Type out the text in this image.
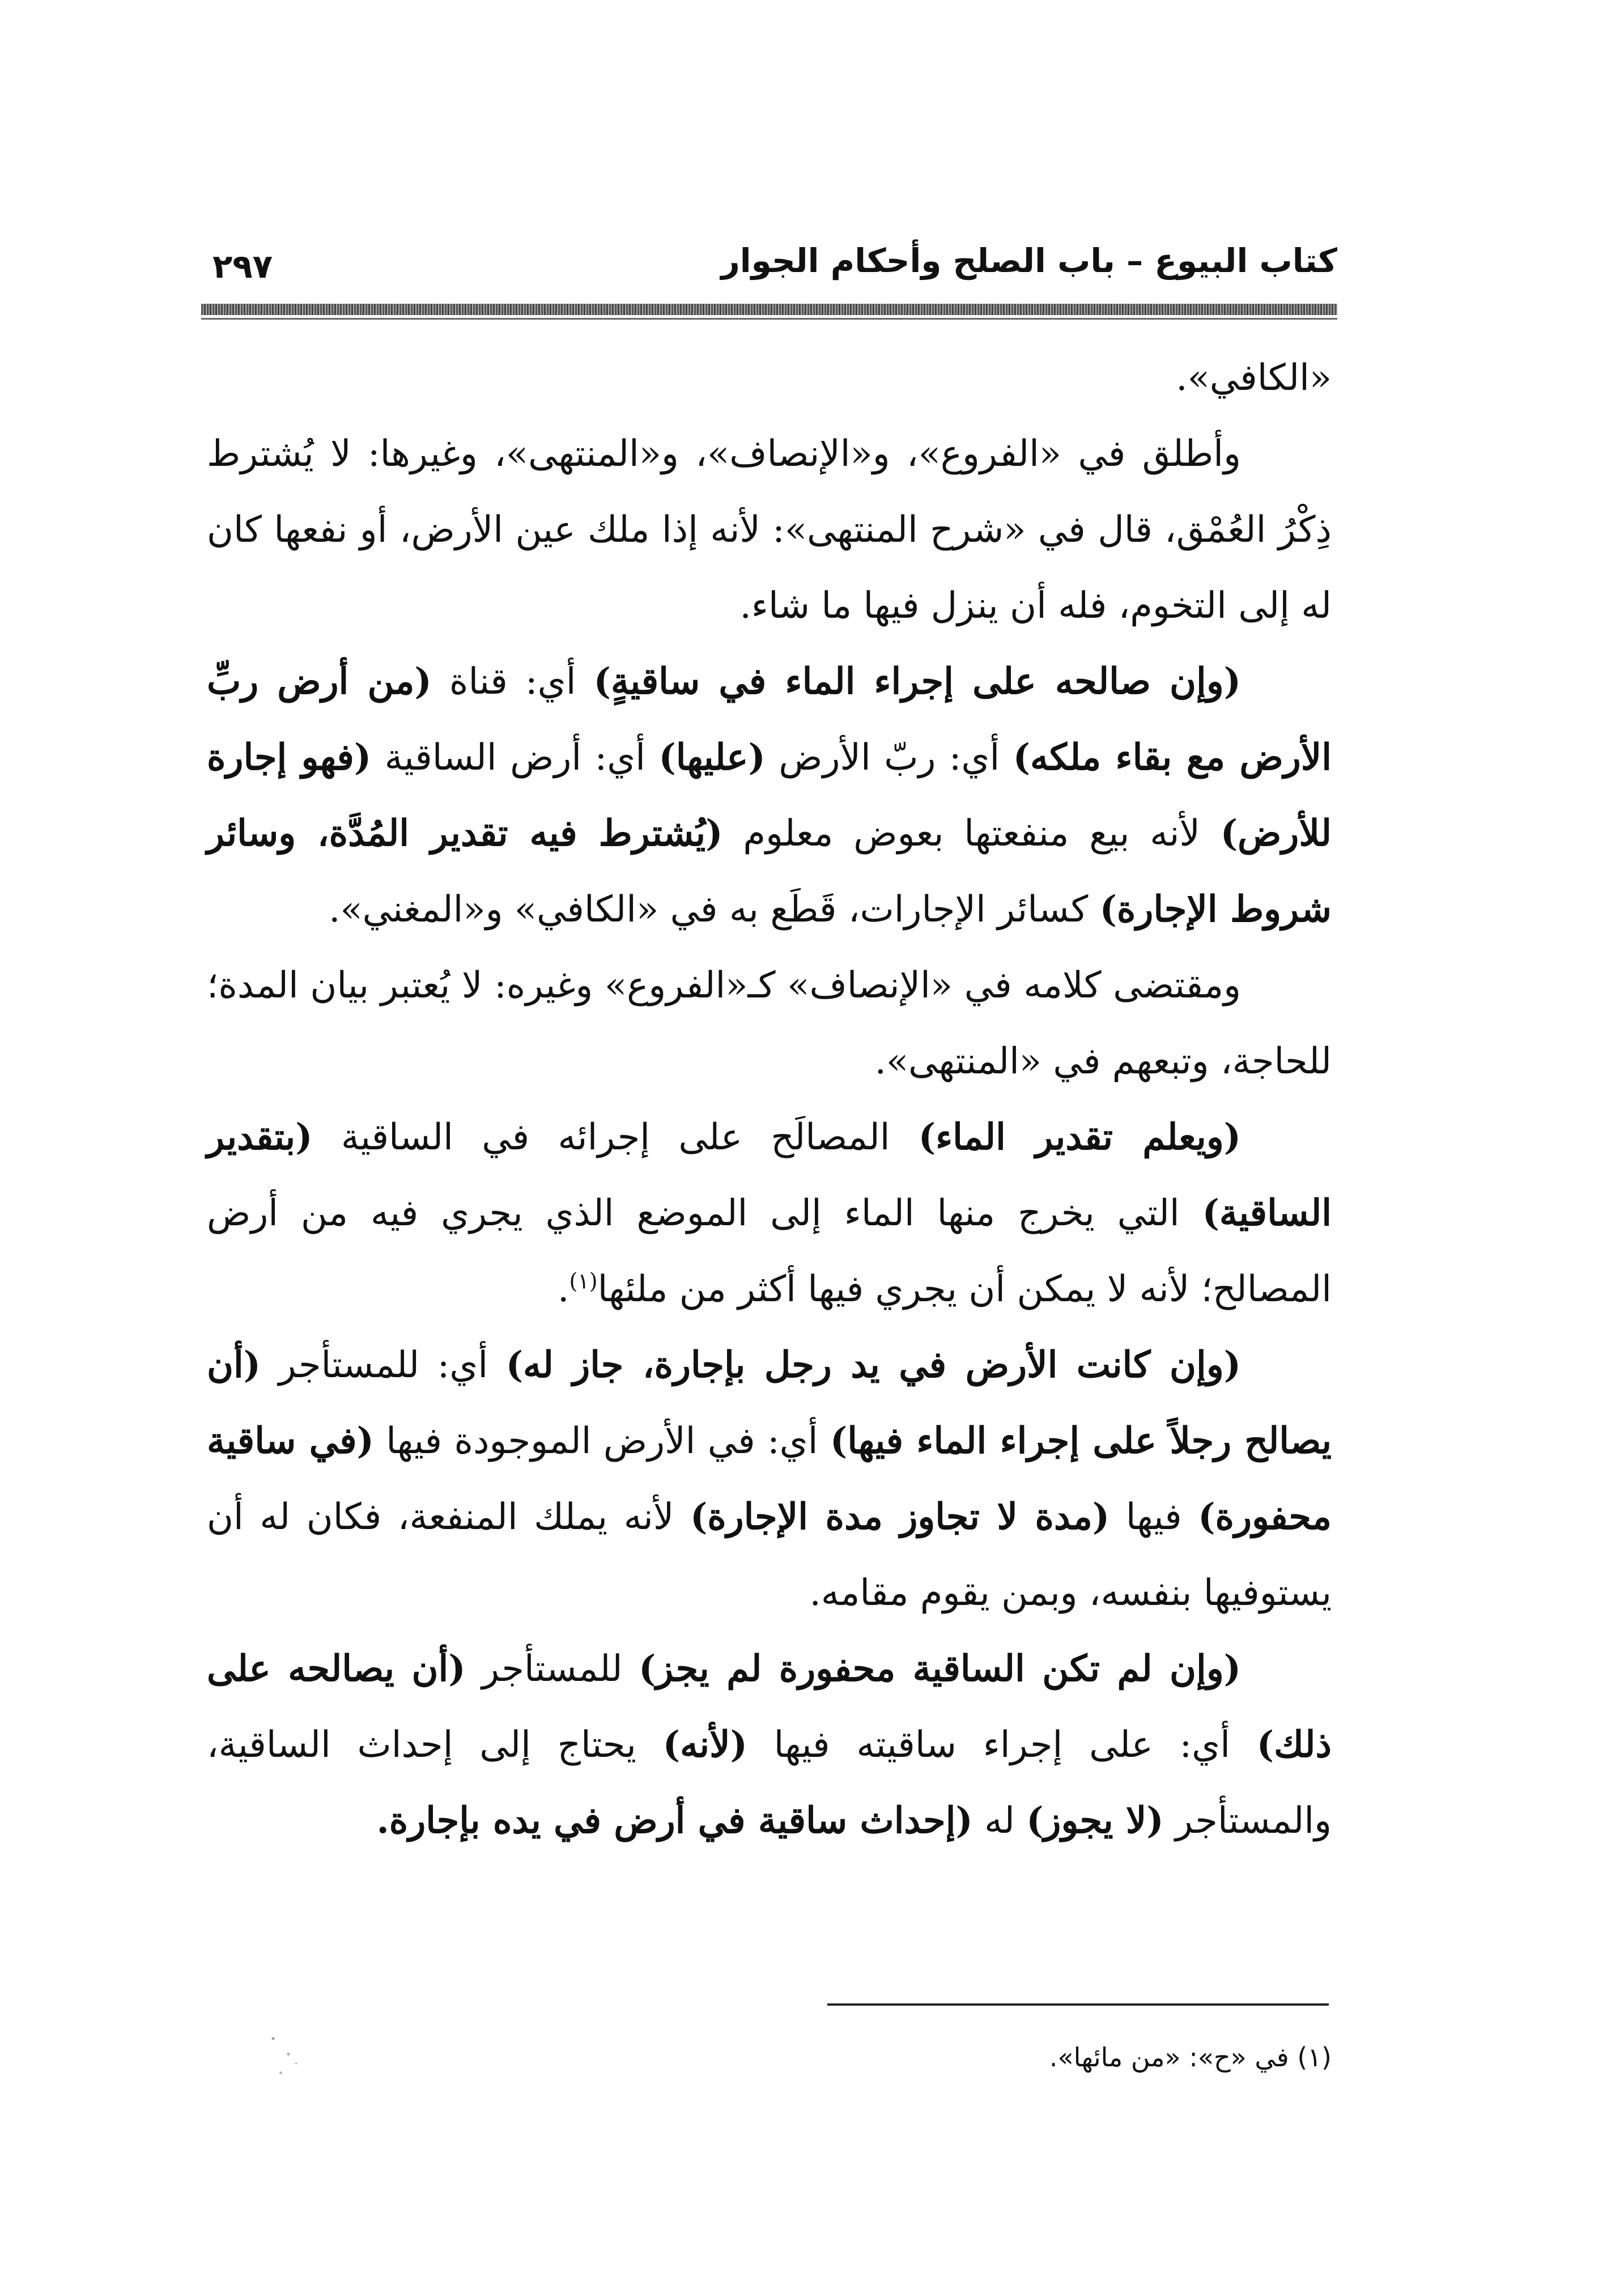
كتاب البيوع – باب الصلح وأحكام الجوار
٢٩٧

«الكافي».

وأطلق في «الفروع»، و«الإنصاف»، و«المنتهى»، وغيرها: لا يُشترط ذِكْرُ العُمْق، قال في «شرح المنتهى»: لأنه إذا ملك عين الأرض، أو نفعها كان له إلى التخوم، فله أن ينزل فيها ما شاء.

(وإن صالحه على إجراء الماء في ساقيةٍ) أي: قناة (من أرض ربِّ الأرض مع بقاء ملكه) أي: ربّ الأرض (عليها) أي: أرض الساقية (فهو إجارة للأرض) لأنه بيع منفعتها بعوض معلوم (يُشترط فيه تقدير المُدَّة، وسائر شروط الإجارة) كسائر الإجارات، قَطَع به في «الكافي» و«المغني».

ومقتضى كلامه في «الإنصاف» كـ«الفروع» وغيره: لا يُعتبر بيان المدة؛ للحاجة، وتبعهم في «المنتهى».

(ويعلم تقدير الماء) المصالَح على إجرائه في الساقية (بتقدير الساقية) التي يخرج منها الماء إلى الموضع الذي يجري فيه من أرض المصالح؛ لأنه لا يمكن أن يجري فيها أكثر من ملئها$^{(١)}$.

(وإن كانت الأرض في يد رجل بإجارة، جاز له) أي: للمستأجر (أن يصالح رجلاً على إجراء الماء فيها) أي: في الأرض الموجودة فيها (في ساقية محفورة) فيها (مدة لا تجاوز مدة الإجارة) لأنه يملك المنفعة، فكان له أن يستوفيها بنفسه، وبمن يقوم مقامه.

(وإن لم تكن الساقية محفورة لم يجز) للمستأجر (أن يصالحه على ذلك) أي: على إجراء ساقيته فيها (لأنه) يحتاج إلى إحداث الساقية، والمستأجر (لا يجوز) له (إحداث ساقية في أرض في يده بإجارة.

(١) في «ح»: «من مائها».
